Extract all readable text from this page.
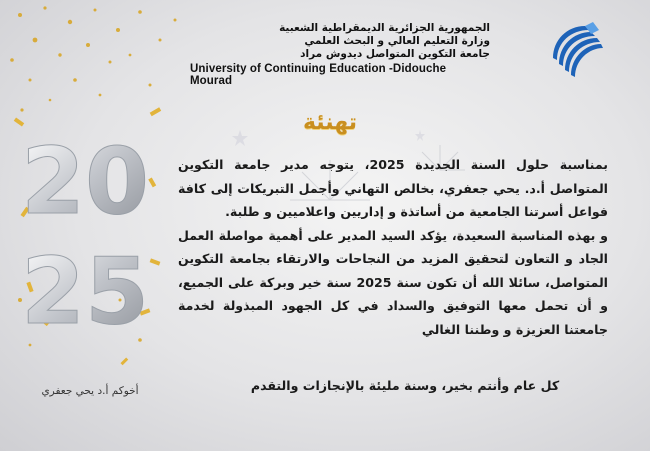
الجمهورية الجزائرية الديمقراطية الشعبية
وزارة التعليم العالي و البحث العلمي
جامعة التكوين المتواصل ديدوش مراد
University of Continuing Education -Didouche Mourad
تهنئة
20
25
بمناسبة حلول السنة الجديدة 2025، يتوجه مدير جامعة التكوين المتواصل أ.د. يحي جعفري، بخالص التهاني وأجمل التبريكات إلى كافة فواعل أسرتنا الجامعية من أساتذة و إداريين واعلاميين و طلبة.
و بهذه المناسبة السعيدة، يؤكد السيد المدير على أهمية مواصلة العمل الجاد و التعاون لتحقيق المزيد من النجاحات والارتقاء بجامعة التكوين المتواصل، سائلا الله أن تكون سنة 2025 سنة خير وبركة على الجميع، و أن تحمل معها التوفيق والسداد في كل الجهود المبذولة لخدمة جامعتنا العزيزة و وطننا الغالي
كل عام وأنتم بخير، وسنة مليئة بالإنجازات والتقدم
أخوكم أ.د يحي جعفري
